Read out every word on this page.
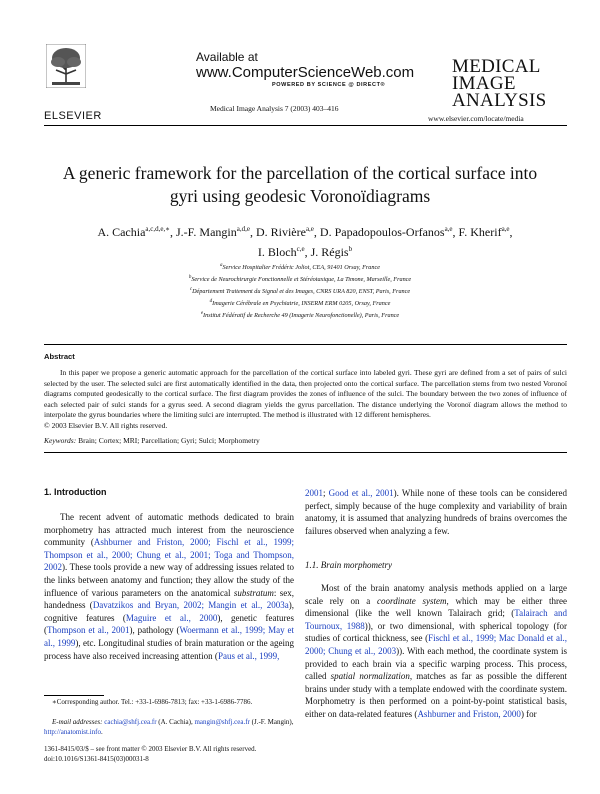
ELSEVIER
Available at
www.ComputerScienceWeb.com
POWERED BY SCIENCE @ DIRECT®
Medical Image Analysis 7 (2003) 403–416
MEDICAL
IMAGE
ANALYSIS
www.elsevier.com/locate/media
A generic framework for the parcellation of the cortical surface into gyri using geodesic Voronoïdiagrams
A. Cachia$^{a,c,d,e,∗}$, J.-F. Mangin$^{a,d,e}$, D. Rivière$^{a,e}$, D. Papadopoulos-Orfanos$^{a,e}$, F. Kherif$^{a,e}$,
I. Bloch$^{c,e}$, J. Régis$^b$
$^a$Service Hospitalier Frédéric Joliot, CEA, 91401 Orsay, France
$^b$Service de Neurochirurgie Fonctionnelle et Stéréotaxique, La Timone, Marseille, France
$^c$Département Traitement du Signal et des Images, CNRS URA 820, ENST, Paris, France
$^d$Imagerie Cérébrale en Psychiatrie, INSERM ERM 0205, Orsay, France
$^e$Institut Fédératif de Recherche 49 (Imagerie Neurofonctionelle), Paris, France
Abstract
In this paper we propose a generic automatic approach for the parcellation of the cortical surface into labeled gyri. These gyri are defined from a set of pairs of sulci selected by the user. The selected sulci are first automatically identified in the data, then projected onto the cortical surface. The parcellation stems from two nested Voronoï diagrams computed geodesically to the cortical surface. The first diagram provides the zones of influence of the sulci. The boundary between the two zones of influence of each selected pair of sulci stands for a gyrus seed. A second diagram yields the gyrus parcellation. The distance underlying the Voronoï diagram allows the method to interpolate the gyrus boundaries where the limiting sulci are interrupted. The method is illustrated with 12 different hemispheres.
© 2003 Elsevier B.V. All rights reserved.
Keywords: Brain; Cortex; MRI; Parcellation; Gyri; Sulci; Morphometry
1. Introduction
The recent advent of automatic methods dedicated to brain morphometry has attracted much interest from the neuroscience community (Ashburner and Friston, 2000; Fischl et al., 1999; Thompson et al., 2000; Chung et al., 2001; Toga and Thompson, 2002). These tools provide a new way of addressing issues related to the links between anatomy and function; they allow the study of the influence of various parameters on the anatomical substratum: sex, handedness (Davatzikos and Bryan, 2002; Mangin et al., 2003a), cognitive features (Maguire et al., 2000), genetic features (Thompson et al., 2001), pathology (Woermann et al., 1999; May et al., 1999), etc. Longitudinal studies of brain maturation or the ageing process have also received increasing attention (Paus et al., 1999,
2001; Good et al., 2001). While none of these tools can be considered perfect, simply because of the huge complexity and variability of brain anatomy, it is assumed that analyzing hundreds of brains overcomes the failures observed when analyzing a few.
1.1. Brain morphometry
Most of the brain anatomy analysis methods applied on a large scale rely on a coordinate system, which may be either three dimensional (like the well known Talairach grid; (Talairach and Tournoux, 1988)), or two dimensional, with spherical topology (for studies of cortical thickness, see (Fischl et al., 1999; Mac Donald et al., 2000; Chung et al., 2003)). With each method, the coordinate system is provided to each brain via a specific warping process. This process, called spatial normalization, matches as far as possible the different brains under study with a template endowed with the coordinate system. Morphometry is then performed on a point-by-point statistical basis, either on data-related features (Ashburner and Friston, 2000) for
∗Corresponding author. Tel.: +33-1-6986-7813; fax: +33-1-6986-7786.
E-mail addresses: cachia@shfj.cea.fr (A. Cachia), mangin@shfj.cea.fr (J.-F. Mangin), http://anatomist.info.
1361-8415/03/$ – see front matter © 2003 Elsevier B.V. All rights reserved.
doi:10.1016/S1361-8415(03)00031-8
